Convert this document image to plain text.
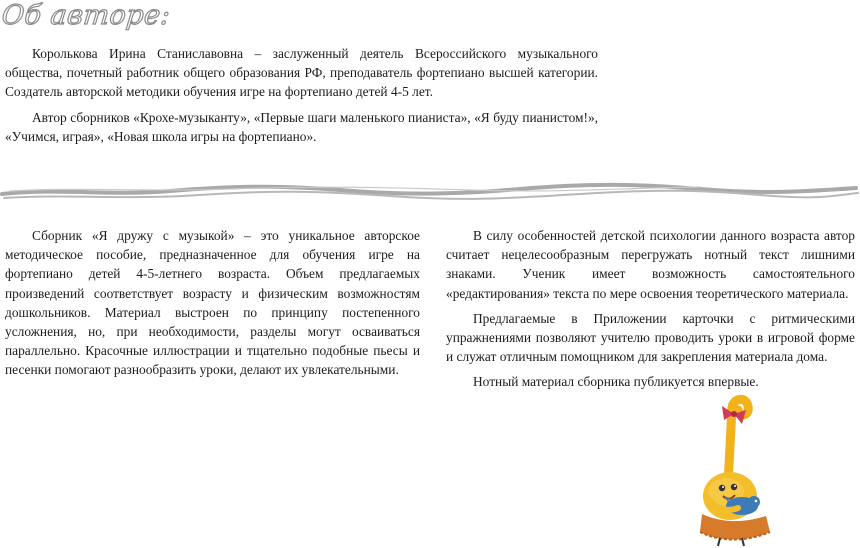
Об авторе:

Королькова Ирина Станиславовна – заслуженный деятель Всероссийского музыкального общества, почетный работник общего образования РФ, преподаватель фортепиано высшей категории. Создатель авторской методики обучения игре на фортепиано детей 4-5 лет.

Автор сборников «Крохе-музыканту», «Первые шаги маленького пианиста», «Я буду пианистом!», «Учимся, играя», «Новая школа игры на фортепиано».

Сборник «Я дружу с музыкой» – это уникальное авторское методическое пособие, предназначенное для обучения игре на фортепиано детей 4-5-летнего возраста. Объем предлагаемых произведений соответствует возрасту и физическим возможностям дошкольников. Материал выстроен по принципу постепенного усложнения, но, при необходимости, разделы могут осваиваться параллельно. Красочные иллюстрации и тщательно подобные пьесы и песенки помогают разнообразить уроки, делают их увлекательными.

В силу особенностей детской психологии данного возраста автор считает нецелесообразным перегружать нотный текст лишними знаками. Ученик имеет возможность самостоятельного «редактирования» текста по мере освоения теоретического материала.

Предлагаемые в Приложении карточки с ритмическими упражнениями позволяют учителю проводить уроки в игровой форме и служат отличным помощником для закрепления материала дома.

Нотный материал сборника публикуется впервые.
